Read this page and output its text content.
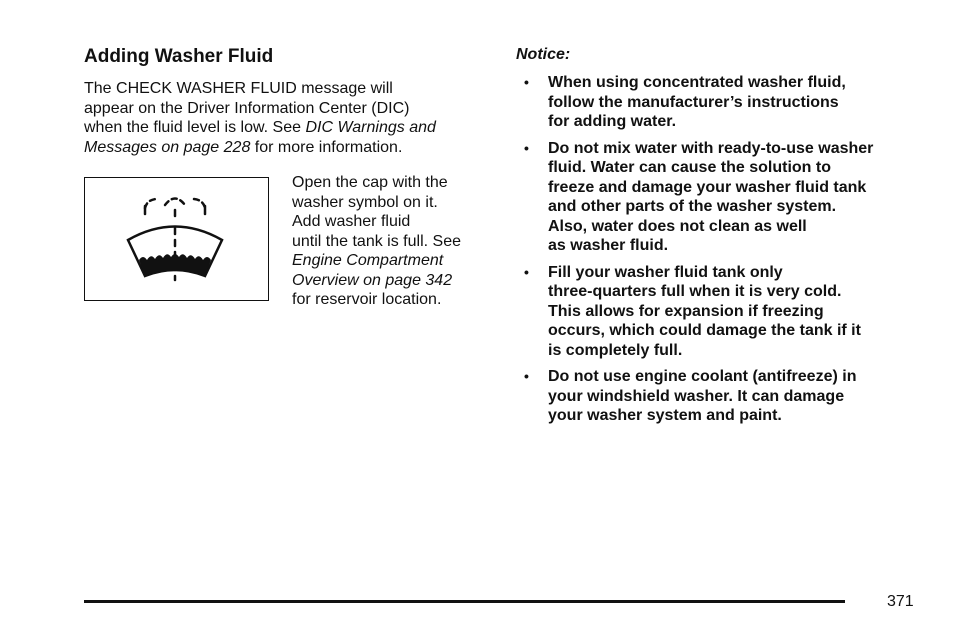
Adding Washer Fluid

The CHECK WASHER FLUID message will
appear on the Driver Information Center (DIC)
when the fluid level is low. See DIC Warnings and
Messages on page 228 for more information.

Open the cap with the
washer symbol on it.
Add washer fluid
until the tank is full. See
Engine Compartment
Overview on page 342
for reservoir location.

Notice:
• When using concentrated washer fluid,
follow the manufacturer’s instructions
for adding water.
• Do not mix water with ready-to-use washer
fluid. Water can cause the solution to
freeze and damage your washer fluid tank
and other parts of the washer system.
Also, water does not clean as well
as washer fluid.
• Fill your washer fluid tank only
three-quarters full when it is very cold.
This allows for expansion if freezing
occurs, which could damage the tank if it
is completely full.
• Do not use engine coolant (antifreeze) in
your windshield washer. It can damage
your washer system and paint.
371
